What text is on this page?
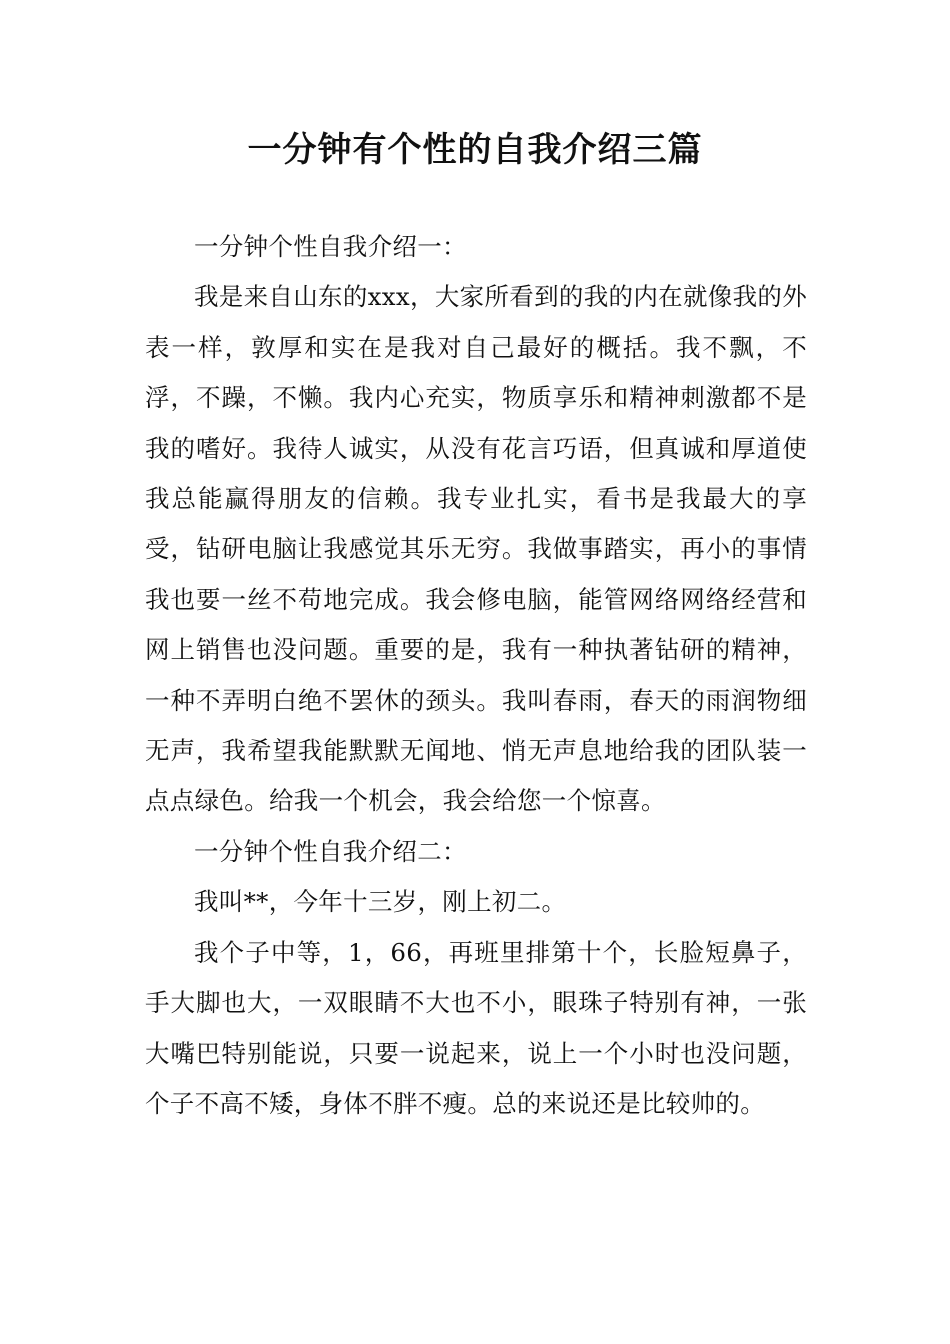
一分钟有个性的自我介绍三篇

一分钟个性自我介绍一：

我是来自山东的xxx，大家所看到的我的内在就像我的外表一样，敦厚和实在是我对自己最好的概括。我不飘，不浮，不躁，不懒。我内心充实，物质享乐和精神刺激都不是我的嗜好。我待人诚实，从没有花言巧语，但真诚和厚道使我总能赢得朋友的信赖。我专业扎实，看书是我最大的享受，钻研电脑让我感觉其乐无穷。我做事踏实，再小的事情我也要一丝不苟地完成。我会修电脑，能管网络网络经营和网上销售也没问题。重要的是，我有一种执著钻研的精神，一种不弄明白绝不罢休的颈头。我叫春雨，春天的雨润物细无声，我希望我能默默无闻地、悄无声息地给我的团队装一点点绿色。给我一个机会，我会给您一个惊喜。

一分钟个性自我介绍二：

我叫**，今年十三岁，刚上初二。

我个子中等，1，66，再班里排第十个，长脸短鼻子，手大脚也大，一双眼睛不大也不小，眼珠子特别有神，一张大嘴巴特别能说，只要一说起来，说上一个小时也没问题，个子不高不矮，身体不胖不瘦。总的来说还是比较帅的。
